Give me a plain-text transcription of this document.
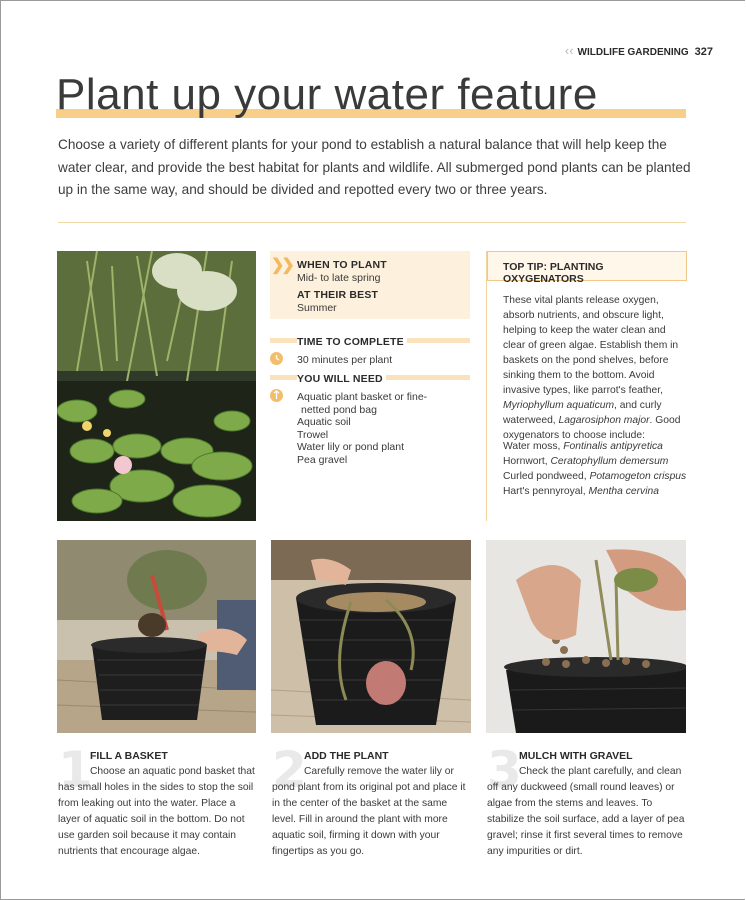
‹‹ WILDLIFE GARDENING 327
Plant up your water feature
Choose a variety of different plants for your pond to establish a natural balance that will help keep the water clear, and provide the best habitat for plants and wildlife. All submerged pond plants can be planted up in the same way, and should be divided and repotted every two or three years.
❯❯ WHEN TO PLANT
Mid- to late spring
AT THEIR BEST
Summer
TIME TO COMPLETE
30 minutes per plant
YOU WILL NEED
Aquatic plant basket or fine-
netted pond bag
Aquatic soil
Trowel
Water lily or pond plant
Pea gravel
TOP TIP: PLANTING OXYGENATORS
These vital plants release oxygen, absorb nutrients, and obscure light, helping to keep the water clean and clear of green algae. Establish them in baskets on the pond shelves, before sinking them to the bottom. Avoid invasive types, like parrot's feather, Myriophyllum aquaticum, and curly waterweed, Lagarosiphon major. Good oxygenators to choose include:
Water moss, Fontinalis antipyretica
Hornwort, Ceratophyllum demersum
Curled pondweed, Potamogeton crispus
Hart's pennyroyal, Mentha cervina
1
FILL A BASKET
Choose an aquatic pond basket that has small holes in the sides to stop the soil from leaking out into the water. Place a layer of aquatic soil in the bottom. Do not use garden soil because it may contain nutrients that encourage algae.
2
ADD THE PLANT
Carefully remove the water lily or pond plant from its original pot and place it in the center of the basket at the same level. Fill in around the plant with more aquatic soil, firming it down with your fingertips as you go.
3
MULCH WITH GRAVEL
Check the plant carefully, and clean off any duckweed (small round leaves) or algae from the stems and leaves. To stabilize the soil surface, add a layer of pea gravel; rinse it first several times to remove any impurities or dirt.
